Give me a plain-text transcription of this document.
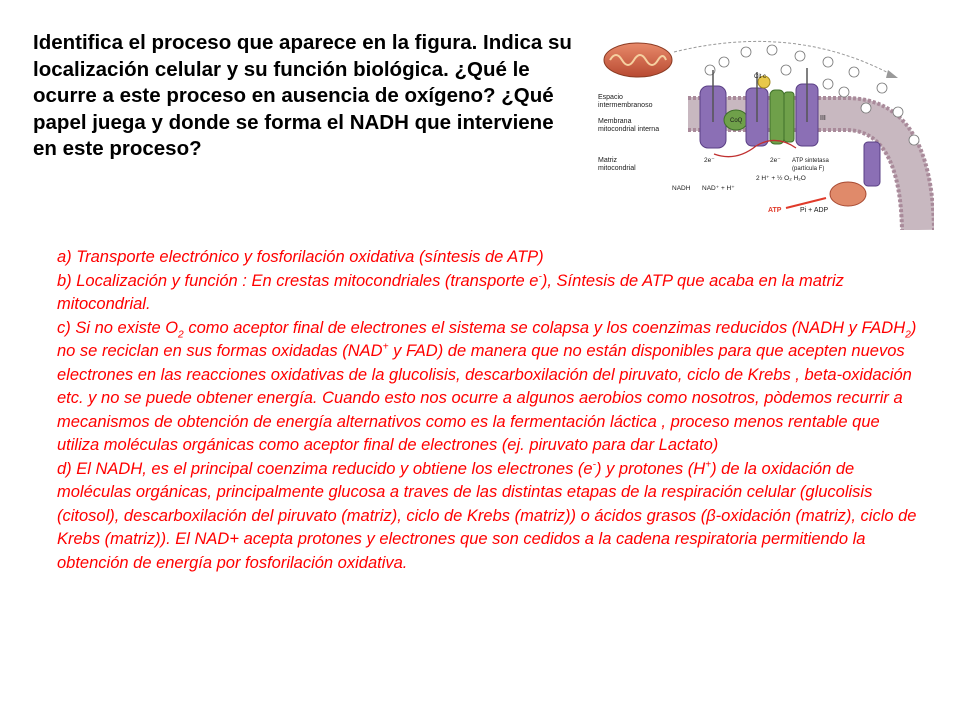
Identifica el proceso que aparece en la figura. Indica su localización celular y su función biológica. ¿Qué le ocurre a este proceso en ausencia de oxígeno? ¿Qué papel juega y donde se forma el NADH que interviene en este proceso?
Espacio
intermembranoso
Membrana
mitocondrial interna
Matriz
mitocondrial
CoQ
Cit c
III
2e⁻	2e⁻
NADH NAD⁺ + H⁺
2 H⁺ + ½ O₂ H₂O
ATP sintetasa
(partícula F)
ATP	Pi + ADP

a) Transporte electrónico y fosforilación oxidativa (síntesis de ATP)

b) Localización y función : En crestas mitocondriales (transporte e-), Síntesis de ATP que acaba en la matriz mitocondrial.

c) Si no existe $O_2$ como aceptor final de electrones el sistema se colapsa y los coenzimas reducidos (NADH y $FADH_2$) no se reciclan en sus formas oxidadas (NAD+ y FAD) de manera que no están disponibles para que acepten nuevos electrones en las reacciones oxidativas de la glucolisis, descarboxilación del piruvato, ciclo de Krebs , beta-oxidación etc. y no se puede obtener energía. Cuando esto nos ocurre a algunos aerobios como nosotros, pòdemos recurrir a mecanismos de obtención de energía alternativos como es la fermentación láctica , proceso menos rentable que utiliza moléculas orgánicas como aceptor final de electrones (ej. piruvato para dar Lactato)

d) El NADH, es el principal coenzima reducido y obtiene los electrones (e-) y protones (H+) de la oxidación de moléculas orgánicas, principalmente glucosa a traves de las distintas etapas de la respiración celular (glucolisis (citosol), descarboxilación del piruvato (matriz), ciclo de Krebs (matriz)) o ácidos grasos (β-oxidación (matriz), ciclo de Krebs (matriz)). El NAD+ acepta protones y electrones que son cedidos a la cadena respiratoria permitiendo la obtención de energía por fosforilación oxidativa.
